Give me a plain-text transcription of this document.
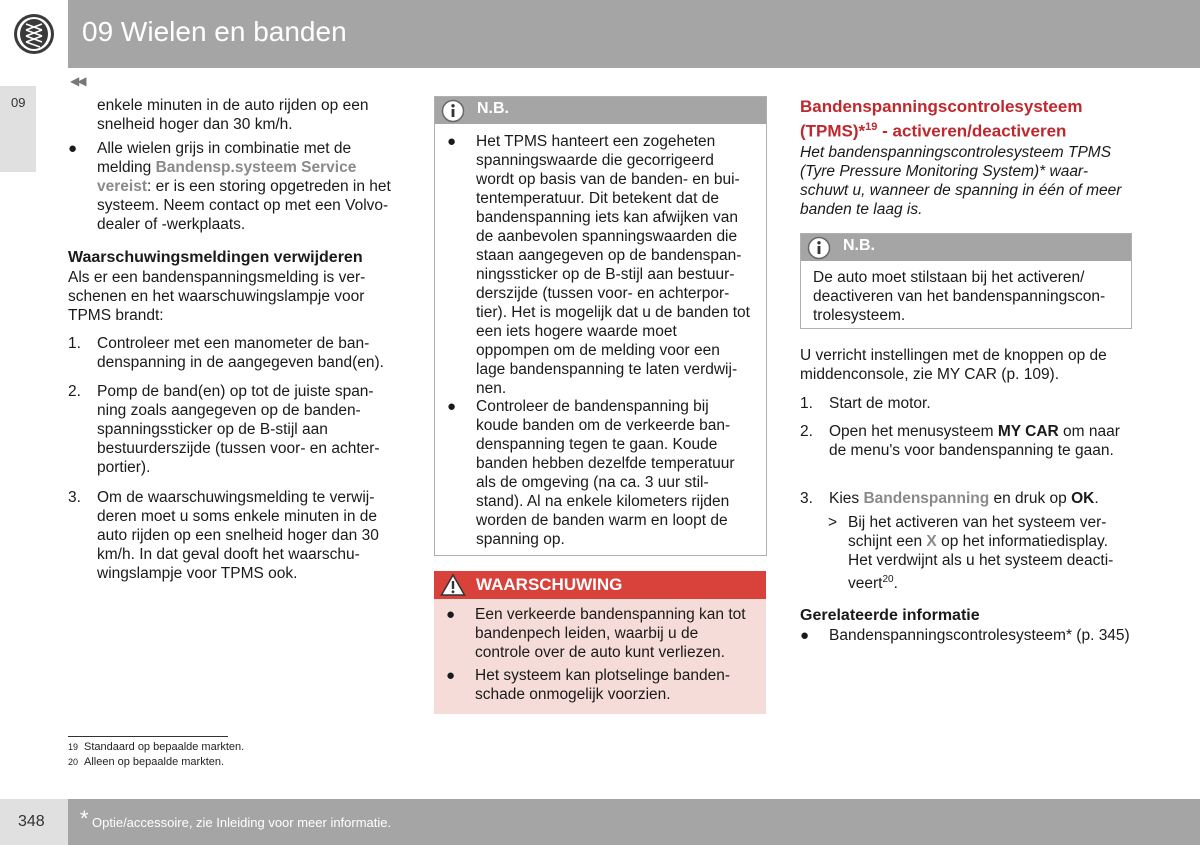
09 Wielen en banden
09
◀◀
enkele minuten in de auto rijden op een snelheid hoger dan 30 km/h.
●	Alle wielen grijs in combinatie met de melding Bandensp.systeem Service vereist: er is een storing opgetreden in het systeem. Neem contact op met een Volvo-dealer of -werkplaats.
Waarschuwingsmeldingen verwijderen
Als er een bandenspanningsmelding is ver-schenen en het waarschuwingslampje voor TPMS brandt:
1.	Controleer met een manometer de ban-denspanning in de aangegeven band(en).
2.	Pomp de band(en) op tot de juiste span-ning zoals aangegeven op de banden-spanningssticker op de B-stijl aan bestuurderszijde (tussen voor- en achter-portier).
3.	Om de waarschuwingsmelding te verwij-deren moet u soms enkele minuten in de auto rijden op een snelheid hoger dan 30 km/h. In dat geval dooft het waarschu-wingslampje voor TPMS ook.
N.B.
●	Het TPMS hanteert een zogeheten spanningswaarde die gecorrigeerd wordt op basis van de banden- en bui-tentemperatuur. Dit betekent dat de bandenspanning iets kan afwijken van de aanbevolen spanningswaarden die staan aangegeven op de bandenspan-ningssticker op de B-stijl aan bestuur-derszijde (tussen voor- en achterpor-tier). Het is mogelijk dat u de banden tot een iets hogere waarde moet oppompen om de melding voor een lage bandenspanning te laten verdwij-nen.
●	Controleer de bandenspanning bij koude banden om de verkeerde ban-denspanning tegen te gaan. Koude banden hebben dezelfde temperatuur als de omgeving (na ca. 3 uur stil-stand). Al na enkele kilometers rijden worden de banden warm en loopt de spanning op.
WAARSCHUWING
●	Een verkeerde bandenspanning kan tot bandenpech leiden, waarbij u de controle over de auto kunt verliezen.
●	Het systeem kan plotselinge banden-schade onmogelijk voorzien.
Bandenspanningscontrolesysteem (TPMS)*$^{19}$ - activeren/deactiveren
Het bandenspanningscontrolesysteem TPMS (Tyre Pressure Monitoring System)* waar-schuwt u, wanneer de spanning in één of meer banden te laag is.
N.B.
De auto moet stilstaan bij het activeren/ deactiveren van het bandenspanningscon-trolesysteem.
U verricht instellingen met de knoppen op de middenconsole, zie MY CAR (p. 109).
1.	Start de motor.
2.	Open het menusysteem MY CAR om naar de menu's voor bandenspanning te gaan.
3.	Kies Bandenspanning en druk op OK.
> Bij het activeren van het systeem ver-schijnt een X op het informatiedisplay. Het verdwijnt als u het systeem deacti-veert$^{20}$.
Gerelateerde informatie
●	Bandenspanningscontrolesysteem* (p. 345)
19 Standaard op bepaalde markten.
20 Alleen op bepaalde markten.
348 * Optie/accessoire, zie Inleiding voor meer informatie.
